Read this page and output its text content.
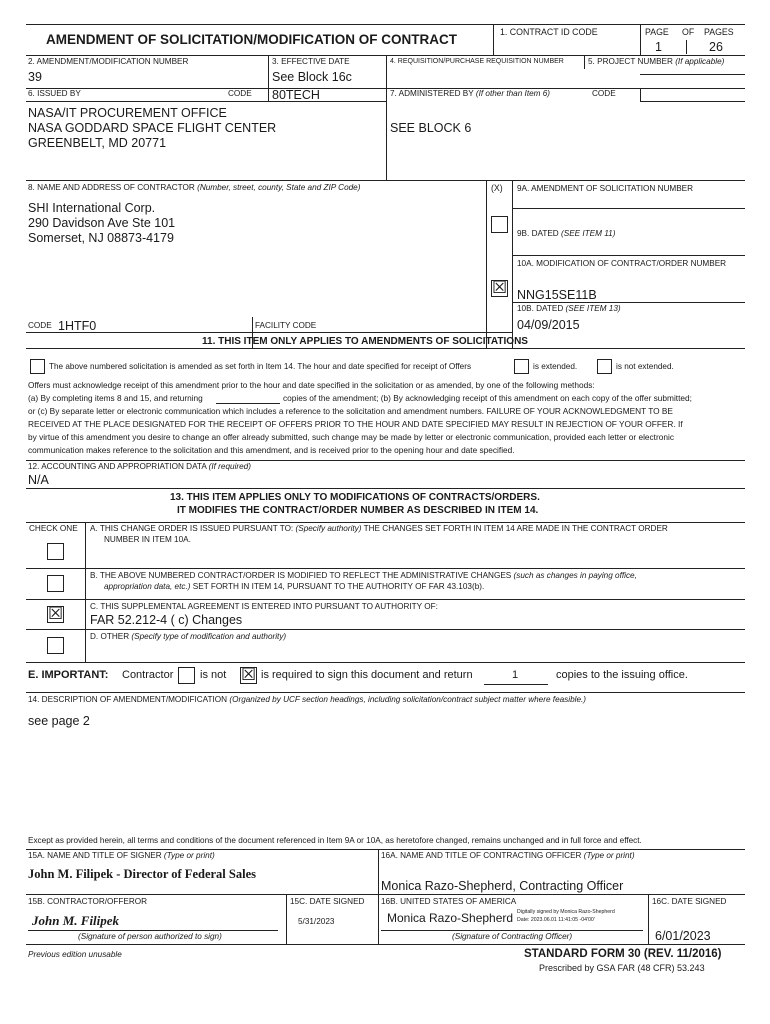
AMENDMENT OF SOLICITATION/MODIFICATION OF CONTRACT	1. CONTRACT ID CODE	PAGE OF PAGES
1	26
2. AMENDMENT/MODIFICATION NUMBER
39
3. EFFECTIVE DATE
See Block 16c
4. REQUISITION/PURCHASE REQUISITION NUMBER	5. PROJECT NUMBER (If applicable)
6. ISSUED BY	CODE 80TECH
NASA/IT PROCUREMENT OFFICE
NASA GODDARD SPACE FLIGHT CENTER
GREENBELT, MD 20771
7. ADMINISTERED BY (If other than Item 6)	CODE
SEE BLOCK 6
8. NAME AND ADDRESS OF CONTRACTOR (Number, street, county, State and ZIP Code)
SHI International Corp.
290 Davidson Ave Ste 101
Somerset, NJ 08873-4179
(X) 9A. AMENDMENT OF SOLICITATION NUMBER
9B. DATED (SEE ITEM 11)
10A. MODIFICATION OF CONTRACT/ORDER NUMBER
☒ NNG15SE11B
10B. DATED (SEE ITEM 13)
04/09/2015
CODE 1HTF0	FACILITY CODE
11. THIS ITEM ONLY APPLIES TO AMENDMENTS OF SOLICITATIONS
The above numbered solicitation is amended as set forth in Item 14. The hour and date specified for receipt of Offers	is extended.	is not extended.
Offers must acknowledge receipt of this amendment prior to the hour and date specified in the solicitation or as amended, by one of the following methods:
(a) By completing items 8 and 15, and returning	copies of the amendment; (b) By acknowledging receipt of this amendment on each copy of the offer submitted;
or (c) By separate letter or electronic communication which includes a reference to the solicitation and amendment numbers. FAILURE OF YOUR ACKNOWLEDGMENT TO BE
RECEIVED AT THE PLACE DESIGNATED FOR THE RECEIPT OF OFFERS PRIOR TO THE HOUR AND DATE SPECIFIED MAY RESULT IN REJECTION OF YOUR OFFER. If
by virtue of this amendment you desire to change an offer already submitted, such change may be made by letter or electronic communication, provided each letter or electronic
communication makes reference to the solicitation and this amendment, and is received prior to the opening hour and date specified.
12. ACCOUNTING AND APPROPRIATION DATA (If required)
N/A
13. THIS ITEM APPLIES ONLY TO MODIFICATIONS OF CONTRACTS/ORDERS.
IT MODIFIES THE CONTRACT/ORDER NUMBER AS DESCRIBED IN ITEM 14.
CHECK ONE A. THIS CHANGE ORDER IS ISSUED PURSUANT TO: (Specify authority) THE CHANGES SET FORTH IN ITEM 14 ARE MADE IN THE CONTRACT ORDER
NUMBER IN ITEM 10A.
B. THE ABOVE NUMBERED CONTRACT/ORDER IS MODIFIED TO REFLECT THE ADMINISTRATIVE CHANGES (such as changes in paying office,
appropriation data, etc.) SET FORTH IN ITEM 14, PURSUANT TO THE AUTHORITY OF FAR 43.103(b).
C. THIS SUPPLEMENTAL AGREEMENT IS ENTERED INTO PURSUANT TO AUTHORITY OF:
FAR 52.212-4 ( c) Changes
☒
D. OTHER (Specify type of modification and authority)
E. IMPORTANT: Contractor is not ☒ is required to sign this document and return	1	copies to the issuing office.
14. DESCRIPTION OF AMENDMENT/MODIFICATION (Organized by UCF section headings, including solicitation/contract subject matter where feasible.)
see page 2
Except as provided herein, all terms and conditions of the document referenced in Item 9A or 10A, as heretofore changed, remains unchanged and in full force and effect.
15A. NAME AND TITLE OF SIGNER (Type or print)
John M. Filipek - Director of Federal Sales
16A. NAME AND TITLE OF CONTRACTING OFFICER (Type or print)
Monica Razo-Shepherd, Contracting Officer
15B. CONTRACTOR/OFFEROR
John M. Filipek
(Signature of person authorized to sign)
15C. DATE SIGNED
5/31/2023
16B. UNITED STATES OF AMERICA
Monica Razo-Shepherd Digitally signed by Monica Razo-Shepherd
Date: 2023.06.01 11:41:05 -04'00'
(Signature of Contracting Officer)
16C. DATE SIGNED
6/01/2023
Previous edition unusable	STANDARD FORM 30 (REV. 11/2016)
Prescribed by GSA FAR (48 CFR) 53.243
